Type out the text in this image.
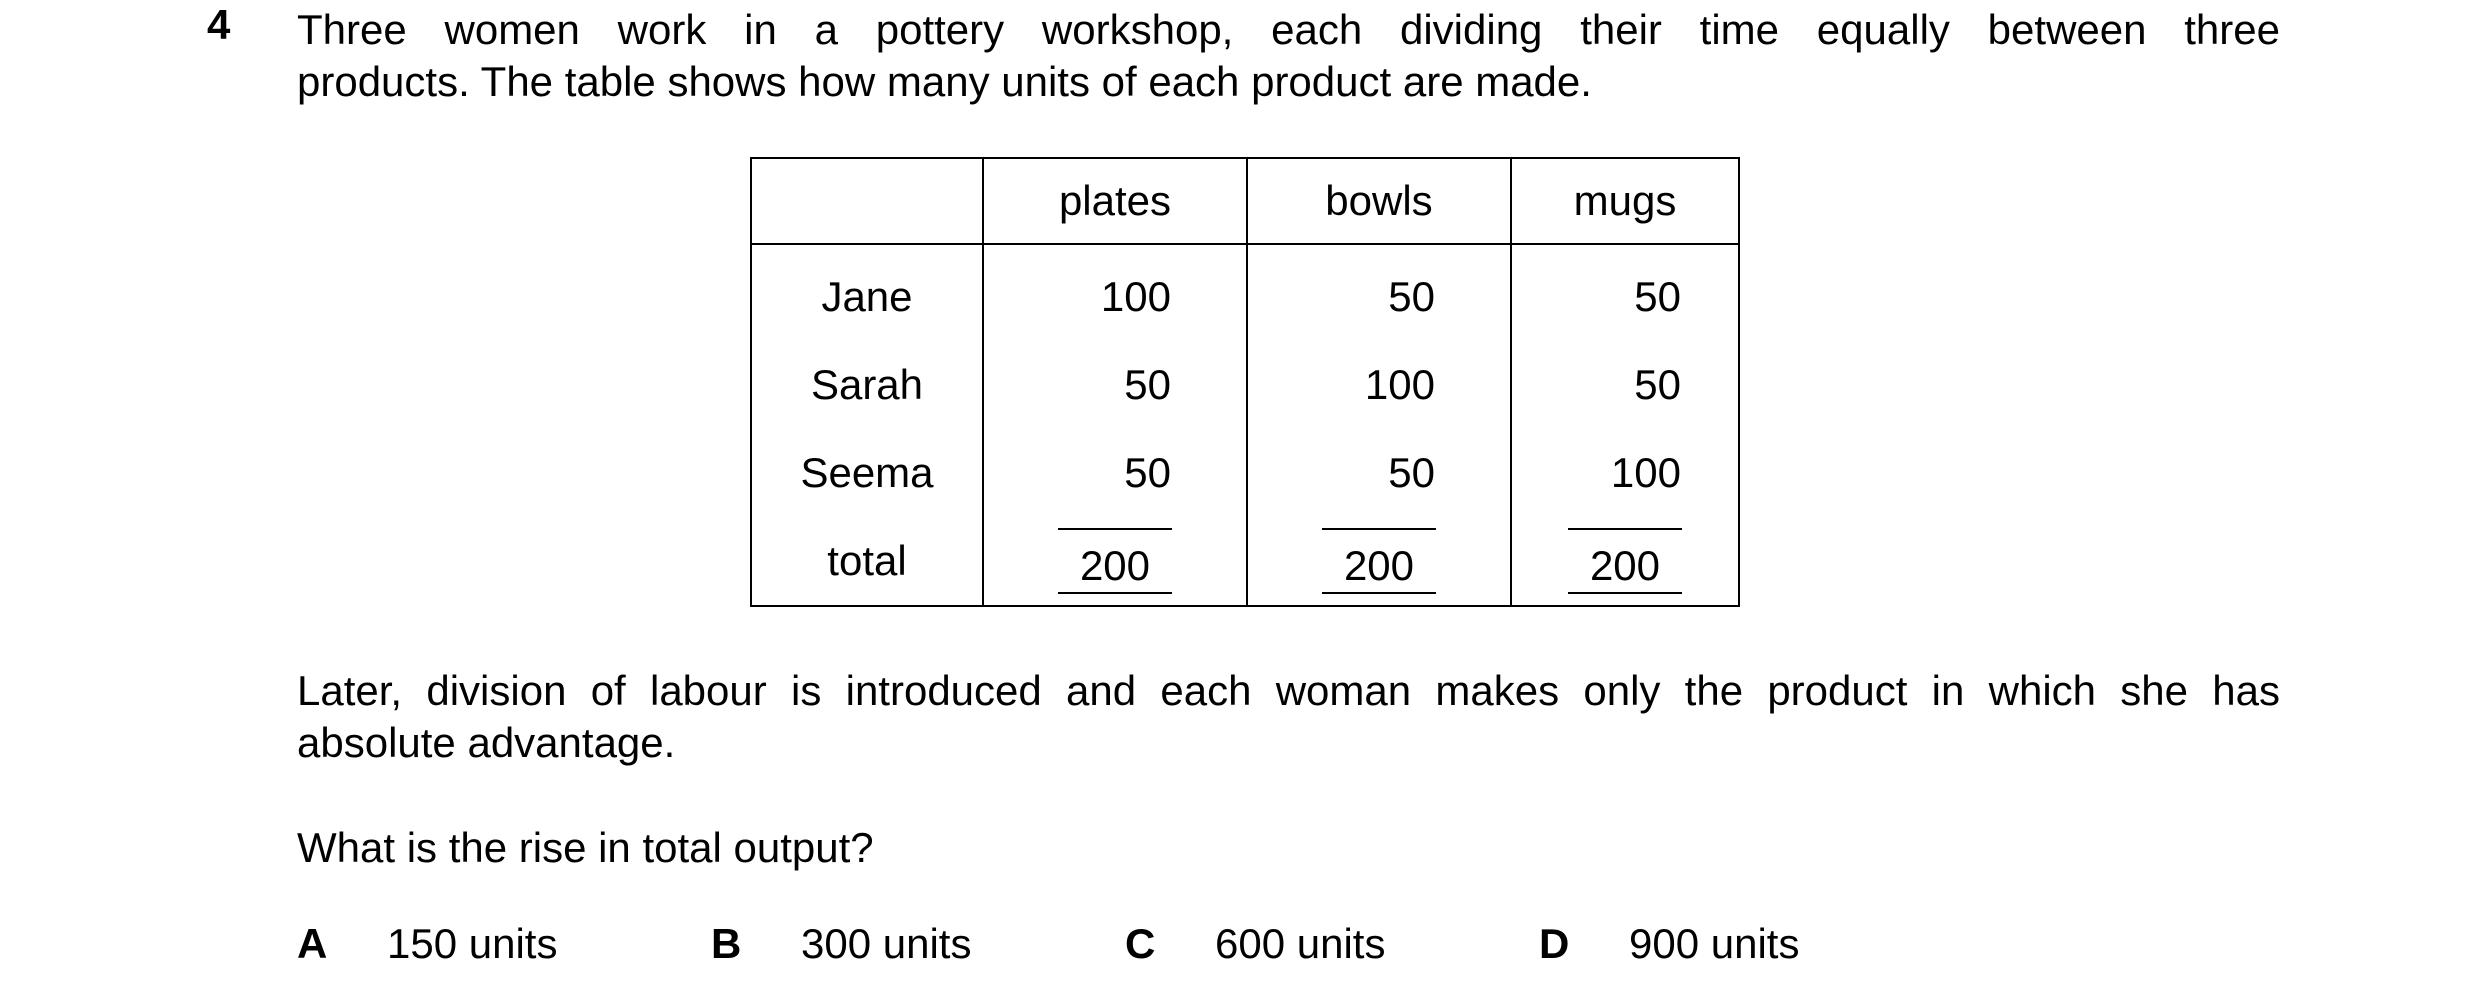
4 Three women work in a pottery workshop, each dividing their time equally between three
products. The table shows how many units of each product are made.
	plates	bowls	mugs
Jane	100	50	50
Sarah	50	100	50
Seema	50	50	100
total	200	200	200
Later, division of labour is introduced and each woman makes only the product in which she has
absolute advantage.
What is the rise in total output?
A 150 units	B 300 units	C 600 units	D 900 units
